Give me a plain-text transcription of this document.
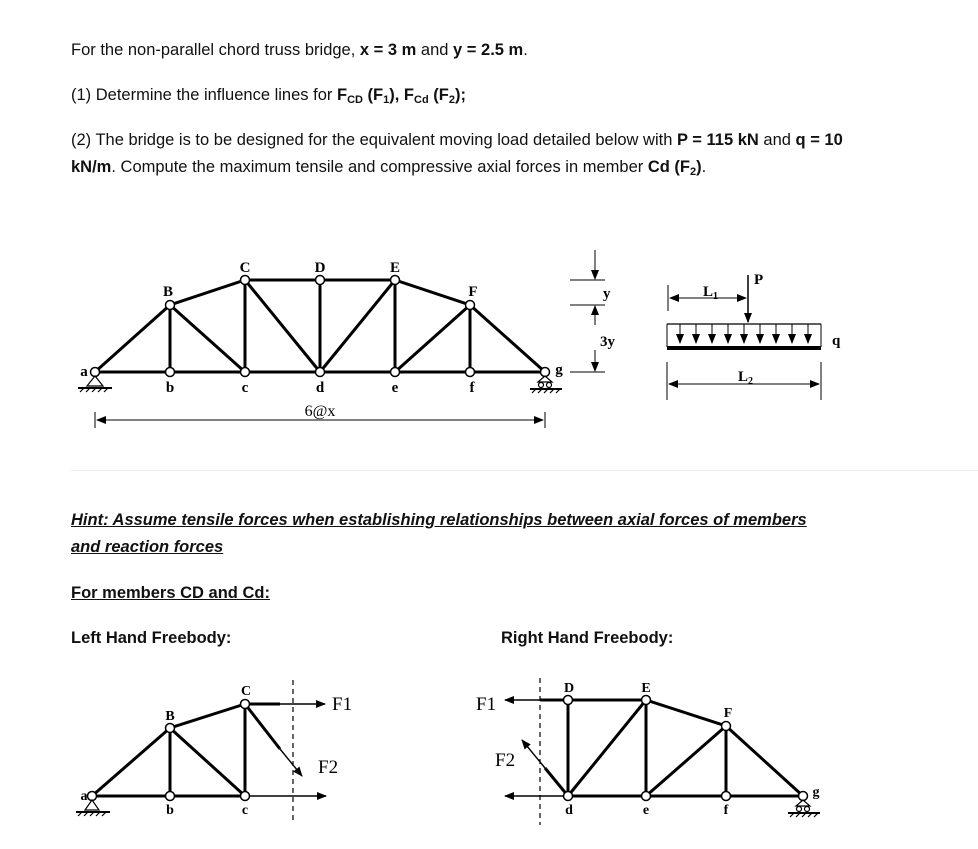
For the non-parallel chord truss bridge, x = 3 m and y = 2.5 m.

(1) Determine the influence lines for $F_{CD}$ $(F_1)$, $F_{Cd}$ $(F_2)$;

(2) The bridge is to be designed for the equivalent moving load detailed below with P = 115 kN and q = 10 kN/m. Compute the maximum tensile and compressive axial forces in member Cd $(F_2)$.

B
C	D	E
F
a
b	c	d	e	f
g
6@x
y
3y
$L_1$
P
q
$L_2$
Hint: Assume tensile forces when establishing relationships between axial forces of members and reaction forces
For members CD and Cd:
Left Hand Freebody:	Right Hand Freebody:
a
B
b
C
c
F1
F2
D	E
F
d	e	f
g
F1
F2
